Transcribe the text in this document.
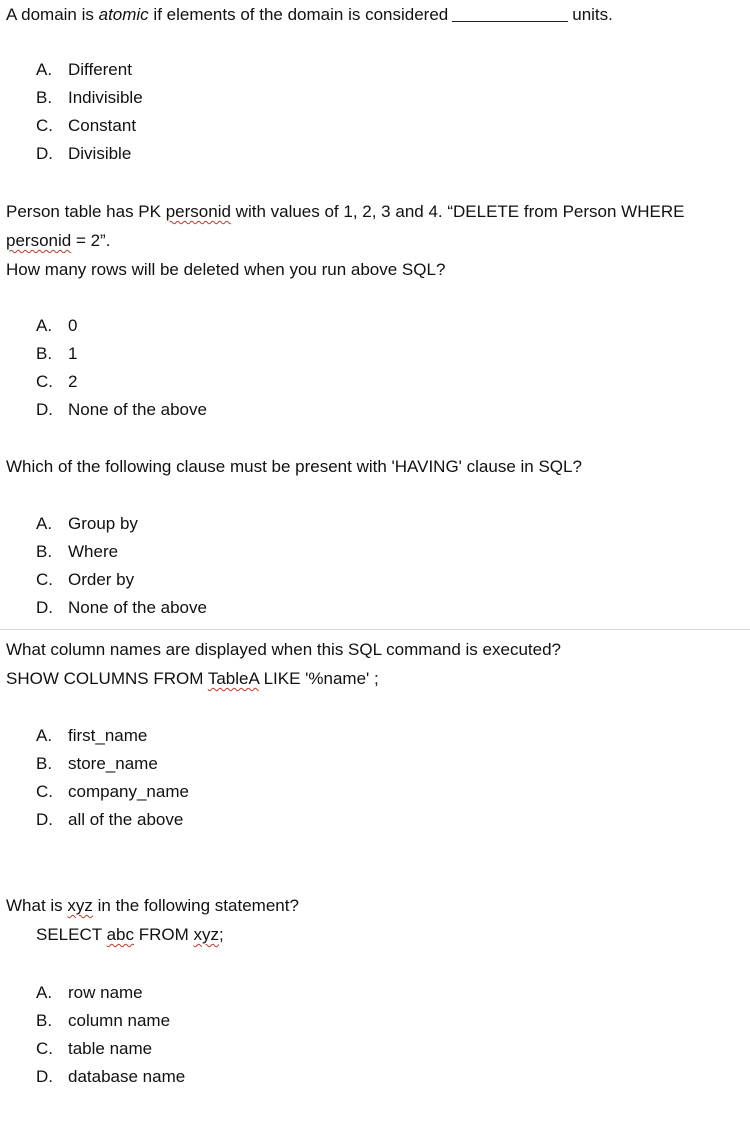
A domain is atomic if elements of the domain is considered	units.
A. Different
B. Indivisible
C. Constant
D. Divisible
Person table has PK personid with values of 1, 2, 3 and 4. “DELETE from Person WHERE
personid = 2”.
How many rows will be deleted when you run above SQL?
A. 0
B. 1
C. 2
D. None of the above
Which of the following clause must be present with 'HAVING' clause in SQL?
A. Group by
B. Where
C. Order by
D. None of the above
What column names are displayed when this SQL command is executed?
SHOW COLUMNS FROM TableA LIKE '%name' ;
A. first_name
B. store_name
C. company_name
D. all of the above
What is xyz in the following statement?
SELECT abc FROM xyz;
A. row name
B. column name
C. table name
D. database name
